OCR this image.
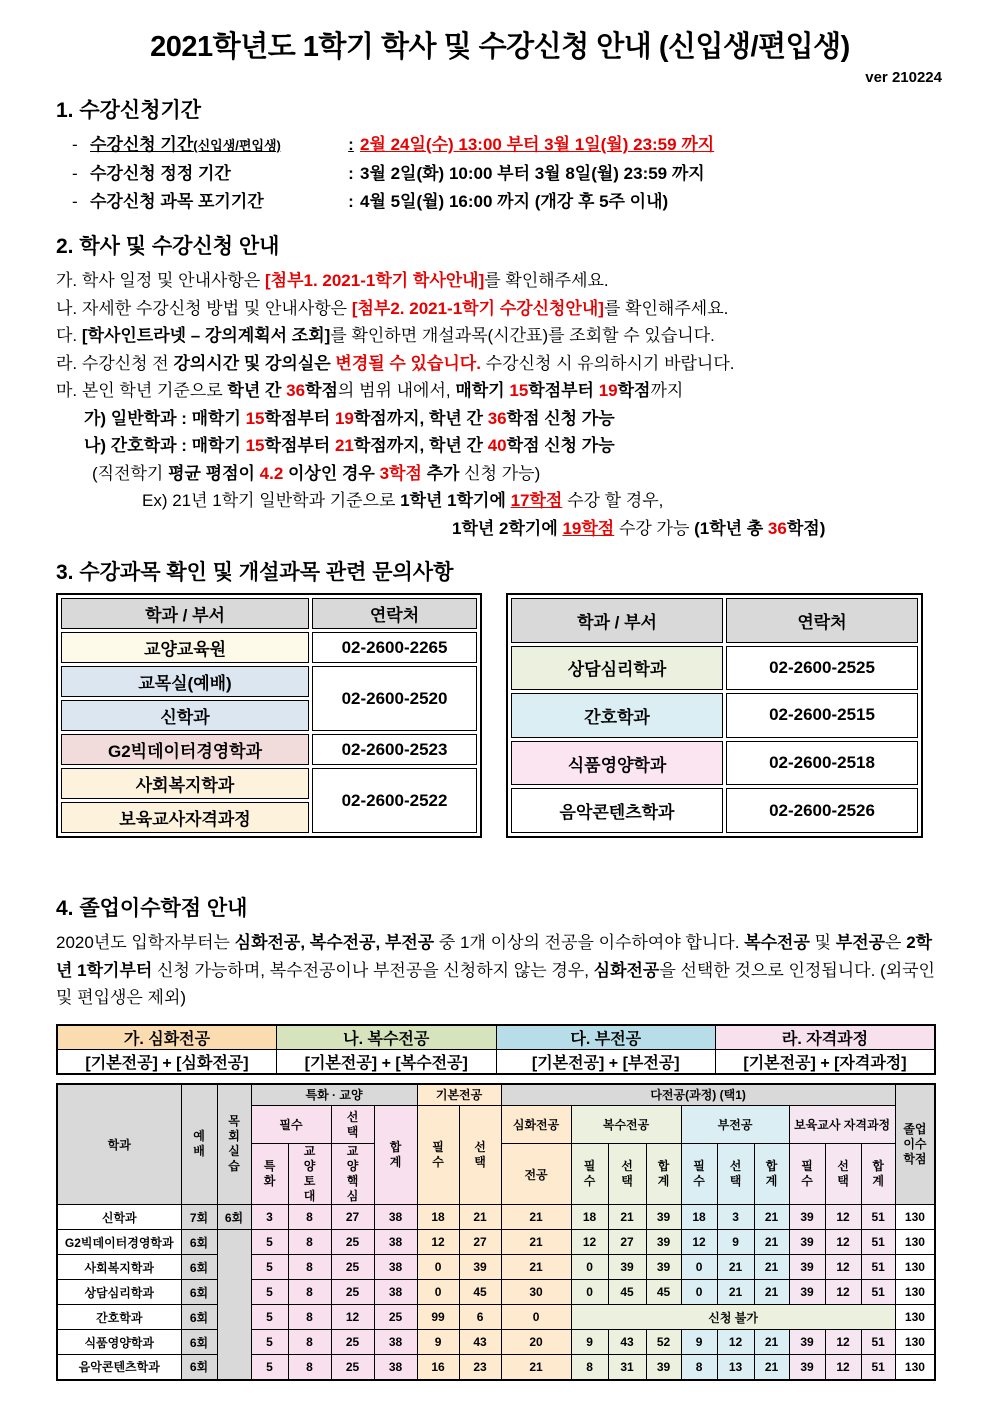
2021학년도 1학기 학사 및 수강신청 안내 (신입생/편입생)
ver 210224
1. 수강신청기간
- 수강신청 기간(신입생/편입생)	: 2월 24일(수) 13:00 부터 3월 1일(월) 23:59 까지
- 수강신청 정정 기간	: 3월 2일(화) 10:00 부터 3월 8일(월) 23:59 까지
- 수강신청 과목 포기기간	: 4월 5일(월) 16:00 까지 (개강 후 5주 이내)
2. 학사 및 수강신청 안내
가. 학사 일정 및 안내사항은 [첨부1. 2021-1학기 학사안내]를 확인해주세요.
나. 자세한 수강신청 방법 및 안내사항은 [첨부2. 2021-1학기 수강신청안내]를 확인해주세요.
다. [학사인트라넷 – 강의계획서 조회]를 확인하면 개설과목(시간표)를 조회할 수 있습니다.
라. 수강신청 전 강의시간 및 강의실은 변경될 수 있습니다. 수강신청 시 유의하시기 바랍니다.
마. 본인 학년 기준으로 학년 간 36학점의 범위 내에서, 매학기 15학점부터 19학점까지
가) 일반학과 : 매학기 15학점부터 19학점까지, 학년 간 36학점 신청 가능
나) 간호학과 : 매학기 15학점부터 21학점까지, 학년 간 40학점 신청 가능
(직전학기 평균 평점이 4.2 이상인 경우 3학점 추가 신청 가능)
Ex) 21년 1학기 일반학과 기준으로 1학년 1학기에 17학점 수강 할 경우,
1학년 2학기에 19학점 수강 가능 (1학년 총 36학점)
3. 수강과목 확인 및 개설과목 관련 문의사항
학과 / 부서	연락처
교양교육원	02-2600-2265
교목실(예배)	02-2600-2520
신학과	
G2빅데이터경영학과	02-2600-2523
사회복지학과	02-2600-2522
보육교사자격과정	
학과 / 부서	연락처
상담심리학과	02-2600-2525
간호학과	02-2600-2515
식품영양학과	02-2600-2518
음악콘텐츠학과	02-2600-2526
4. 졸업이수학점 안내
2020년도 입학자부터는 심화전공, 복수전공, 부전공 중 1개 이상의 전공을 이수하여야 합니다. 복수전공 및 부전공은 2학년 1학기부터 신청 가능하며, 복수전공이나 부전공을 신청하지 않는 경우, 심화전공을 선택한 것으로 인정됩니다. (외국인 및 편입생은 제외)
가. 심화전공	나. 복수전공	다. 부전공	라. 자격과정
[기본전공] + [심화전공]	[기본전공] + [복수전공]	[기본전공] + [부전공]	[기본전공] + [자격과정]
학과	예배	목회실습	특화 · 교양				기본전공		다전공(과정) (택1)										졸업이수학점
			필수		선택	합계	필수	선택	심화전공	복수전공			부전공			보육교사 자격과정			
			특화	교양토대	교양핵심				전공	필수	선택	합계	필수	선택	합계	필수	선택	합계	
신학과	7회	6회	3	8	27	38	18	21	21	18	21	39	18	3	21	39	12	51	130
G2빅데이터경영학과	6회		5	8	25	38	12	27	21	12	27	39	12	9	21	39	12	51	130
사회복지학과	6회		5	8	25	38	0	39	21	0	39	39	0	21	21	39	12	51	130
상담심리학과	6회		5	8	25	38	0	45	30	0	45	45	0	21	21	39	12	51	130
간호학과	6회		5	8	12	25	99	6	0	신청 불가									130
식품영양학과	6회		5	8	25	38	9	43	20	9	43	52	9	12	21	39	12	51	130
음악콘텐츠학과	6회		5	8	25	38	16	23	21	8	31	39	8	13	21	39	12	51	130
